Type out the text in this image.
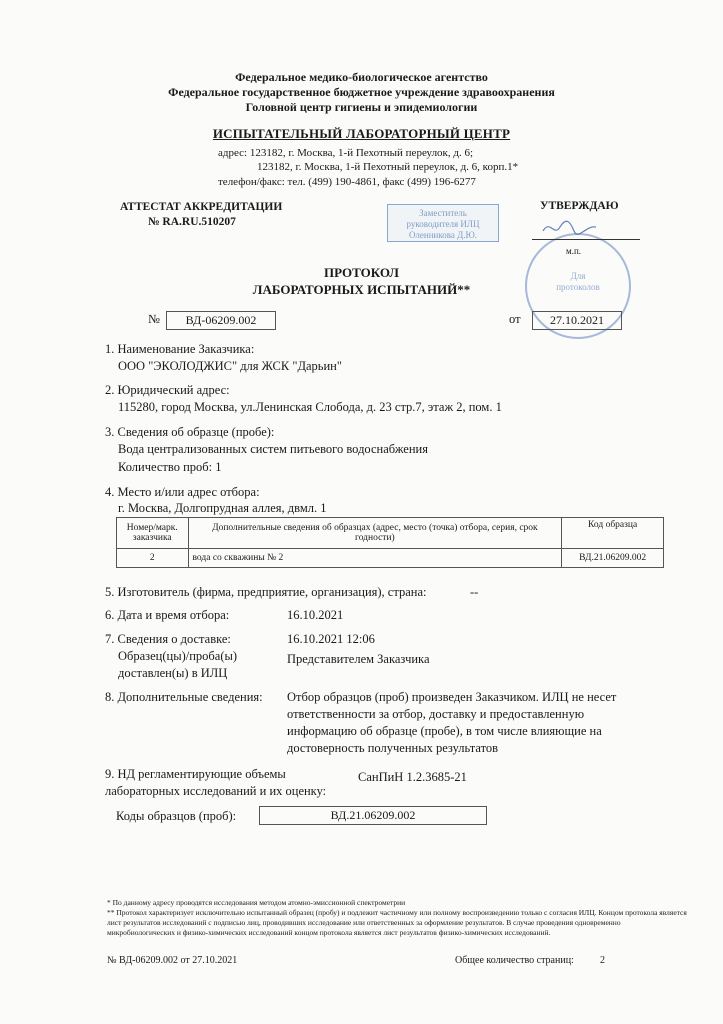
Федеральное медико-биологическое агентство
Федеральное государственное бюджетное учреждение здравоохранения
Головной центр гигиены и эпидемиологии
ИСПЫТАТЕЛЬНЫЙ ЛАБОРАТОРНЫЙ ЦЕНТР
адрес: 123182, г. Москва, 1-й Пехотный переулок, д. 6;
123182, г. Москва, 1-й Пехотный переулок, д. 6, корп.1*
телефон/факс: тел. (499) 190-4861, факс (499) 196-6277
АТТЕСТАТ АККРЕДИТАЦИИ
№ RA.RU.510207
УТВЕРЖДАЮ
Заместитель
руководителя ИЛЦ
Оленникова Д.Ю.
Для
протоколов
м.п.
ПРОТОКОЛ
ЛАБОРАТОРНЫХ ИСПЫТАНИЙ**
№	ВД-06209.002	от	27.10.2021
1. Наименование Заказчика:
ООО "ЭКОЛОДЖИС" для ЖСК "Дарьин"
2. Юридический адрес:
115280, город Москва, ул.Ленинская Слобода, д. 23 стр.7, этаж 2, пом. 1
3. Сведения об образце (пробе):
Вода централизованных систем питьевого водоснабжения
Количество проб: 1
4. Место и/или адрес отбора:
г. Москва, Долгопрудная аллея, двмл. 1
Номер/марк. заказчика	Дополнительные сведения об образцах (адрес, место (точка) отбора, серия, срок годности)	Код образца
2	вода со скважины № 2	ВД.21.06209.002
5. Изготовитель (фирма, предприятие, организация), страна:	--
6. Дата и время отбора:	16.10.2021
7. Сведения о доставке:	16.10.2021 12:06
Образец(цы)/проба(ы)
доставлен(ы) в ИЛЦ
Представителем Заказчика
8. Дополнительные сведения: Отбор образцов (проб) произведен Заказчиком. ИЛЦ не несет
ответственности за отбор, доставку и предоставленную
информацию об образце (пробе), в том числе влияющие на
достоверность полученных результатов
9. НД регламентирующие объемы
лабораторных исследований и их оценку:
СанПиН 1.2.3685-21
Коды образцов (проб):	ВД.21.06209.002
* По данному адресу проводятся исследования методом атомно-эмиссионной спектрометрии
** Протокол характеризует исключительно испытанный образец (пробу) и подлежит частичному или полному воспроизведению только с согласия ИЛЦ. Концом протокола является лист результатов исследований с подписью лиц, проводивших исследование или ответственных за оформление результатов. В случае проведения одновременно микробиологических и физико-химических исследований концом протокола является лист результатов физико-химических исследований.
№ ВД-06209.002 от 27.10.2021	Общее количество страниц:	2
